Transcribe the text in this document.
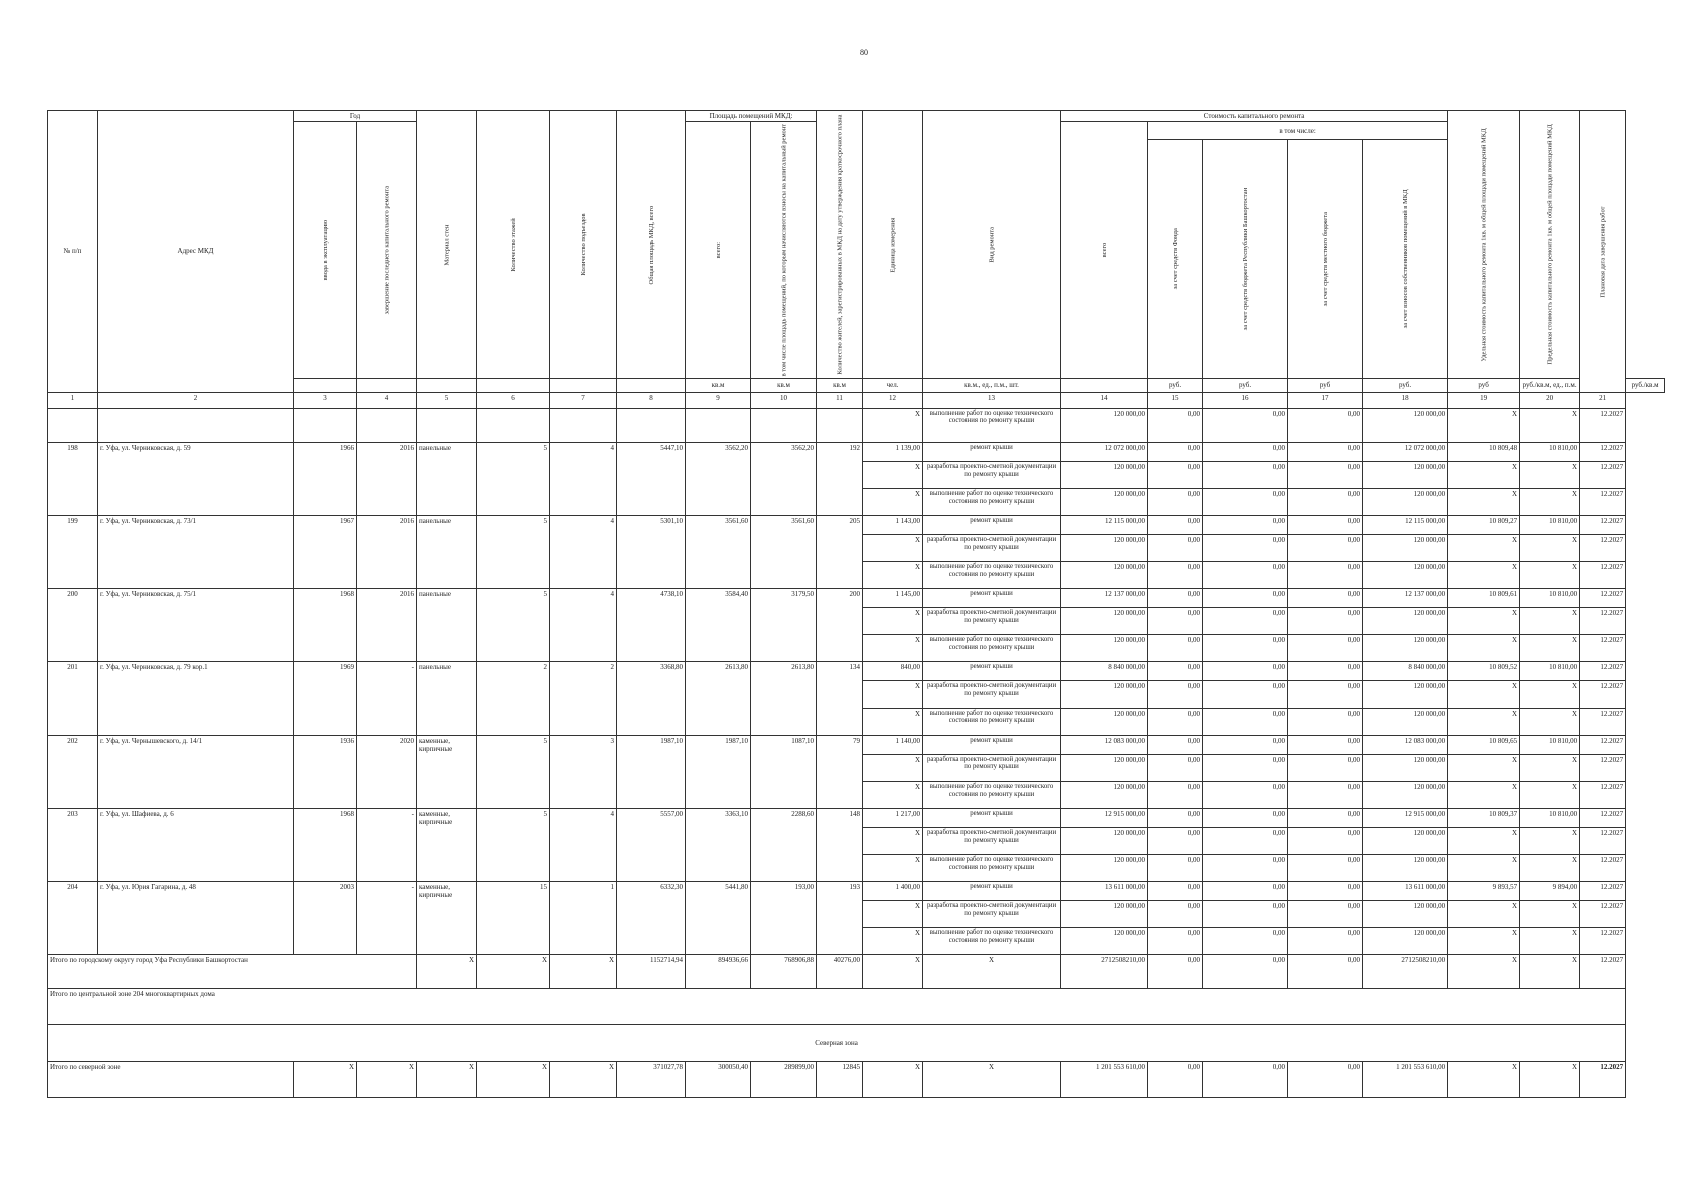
80
№ п/п	Адрес МКД	Год		Материал стен	Количество этажей	Количество подъездов	Общая площадь МКД, всего	Площадь помещений МКД:		Количество жителей, зарегистрированных в МКД на дату утверждения краткосрочного плана	Единица измерения	Вид ремонта	Стоимость капитального ремонта					Удельная стоимость капитального ремонта 1кв. м общей площади помещений МКД	Предельная стоимость капитального ремонта 1кв. м общей площади помещений МКД	Плановая дата завершения работ	
		ввода в эксплуатацию	завершение последнего капитального ремонта					всего:	в том числе площадь помещений, по которым начисляются взносы на капитальный ремонт				всего	в том числе:							
														за счет средств Фонда	за счет средств бюджета Республики Башкортостан	за счет средств местного бюджета	за счет взносов собственников помещений в МКД				
								кв.м	кв.м	кв.м	чел.	кв.м., ед., п.м., шт.		руб.	руб.	руб	руб.	руб	руб./кв.м, ед., п.м.		руб./кв.м
1	2	3	4	5	6	7	8	9	10	11	12	13	14	15	16	17	18	19	20	21	
											X	выполнение работ по оценке технического состояния по ремонту крыши	120 000,00	0,00	0,00	0,00	120 000,00	X	X	12.2027	
198	г. Уфа, ул. Черниковская, д. 59	1966	2016	панельные	5	4	5447,10	3562,20	3562,20	192	1 139,00	ремонт крыши	12 072 000,00	0,00	0,00	0,00	12 072 000,00	10 809,48	10 810,00	12.2027	
											X	разработка проектно-сметной документации по ремонту крыши	120 000,00	0,00	0,00	0,00	120 000,00	X	X	12.2027	
											X	выполнение работ по оценке технического состояния по ремонту крыши	120 000,00	0,00	0,00	0,00	120 000,00	X	X	12.2027	
199	г. Уфа, ул. Черниковская, д. 73/1	1967	2016	панельные	5	4	5301,10	3561,60	3561,60	205	1 143,00	ремонт крыши	12 115 000,00	0,00	0,00	0,00	12 115 000,00	10 809,27	10 810,00	12.2027	
											X	разработка проектно-сметной документации по ремонту крыши	120 000,00	0,00	0,00	0,00	120 000,00	X	X	12.2027	
											X	выполнение работ по оценке технического состояния по ремонту крыши	120 000,00	0,00	0,00	0,00	120 000,00	X	X	12.2027	
200	г. Уфа, ул. Черниковская, д. 75/1	1968	2016	панельные	5	4	4738,10	3584,40	3179,50	200	1 145,00	ремонт крыши	12 137 000,00	0,00	0,00	0,00	12 137 000,00	10 809,61	10 810,00	12.2027	
											X	разработка проектно-сметной документации по ремонту крыши	120 000,00	0,00	0,00	0,00	120 000,00	X	X	12.2027	
											X	выполнение работ по оценке технического состояния по ремонту крыши	120 000,00	0,00	0,00	0,00	120 000,00	X	X	12.2027	
201	г. Уфа, ул. Черниковская, д. 79 кор.1	1969	-	панельные	2	2	3368,80	2613,80	2613,80	134	840,00	ремонт крыши	8 840 000,00	0,00	0,00	0,00	8 840 000,00	10 809,52	10 810,00	12.2027	
											X	разработка проектно-сметной документации по ремонту крыши	120 000,00	0,00	0,00	0,00	120 000,00	X	X	12.2027	
											X	выполнение работ по оценке технического состояния по ремонту крыши	120 000,00	0,00	0,00	0,00	120 000,00	X	X	12.2027	
202	г. Уфа, ул. Чернышевского, д. 14/1	1936	2020	каменные, кирпичные	5	3	1987,10	1987,10	1087,10	79	1 140,00	ремонт крыши	12 083 000,00	0,00	0,00	0,00	12 083 000,00	10 809,65	10 810,00	12.2027	
											X	разработка проектно-сметной документации по ремонту крыши	120 000,00	0,00	0,00	0,00	120 000,00	X	X	12.2027	
											X	выполнение работ по оценке технического состояния по ремонту крыши	120 000,00	0,00	0,00	0,00	120 000,00	X	X	12.2027	
203	г. Уфа, ул. Шафиева, д. 6	1968	-	каменные, кирпичные	5	4	5557,00	3363,10	2288,60	148	1 217,00	ремонт крыши	12 915 000,00	0,00	0,00	0,00	12 915 000,00	10 809,37	10 810,00	12.2027	
											X	разработка проектно-сметной документации по ремонту крыши	120 000,00	0,00	0,00	0,00	120 000,00	X	X	12.2027	
											X	выполнение работ по оценке технического состояния по ремонту крыши	120 000,00	0,00	0,00	0,00	120 000,00	X	X	12.2027	
204	г. Уфа, ул. Юрия Гагарина, д. 48	2003	-	каменные, кирпичные	15	1	6332,30	5441,80	193,00	193	1 400,00	ремонт крыши	13 611 000,00	0,00	0,00	0,00	13 611 000,00	9 893,57	9 894,00	12.2027	
											X	разработка проектно-сметной документации по ремонту крыши	120 000,00	0,00	0,00	0,00	120 000,00	X	X	12.2027	
											X	выполнение работ по оценке технического состояния по ремонту крыши	120 000,00	0,00	0,00	0,00	120 000,00	X	X	12.2027	
Итого по городскому округу город Уфа Республики Башкортостан				X	X	X	1152714,94	894936,66	768906,88	40276,00	X	X	2712508210,00	0,00	0,00	0,00	2712508210,00	X	X	12.2027	
Итого по центральной зоне 204 многоквартирных дома																					
Северная зона																					
Итого по северной зоне		X	X	X	X	X	371027,78	300050,40	289899,00	12845	X	X	1 201 553 610,00	0,00	0,00	0,00	1 201 553 610,00	X	X	12.2027	
